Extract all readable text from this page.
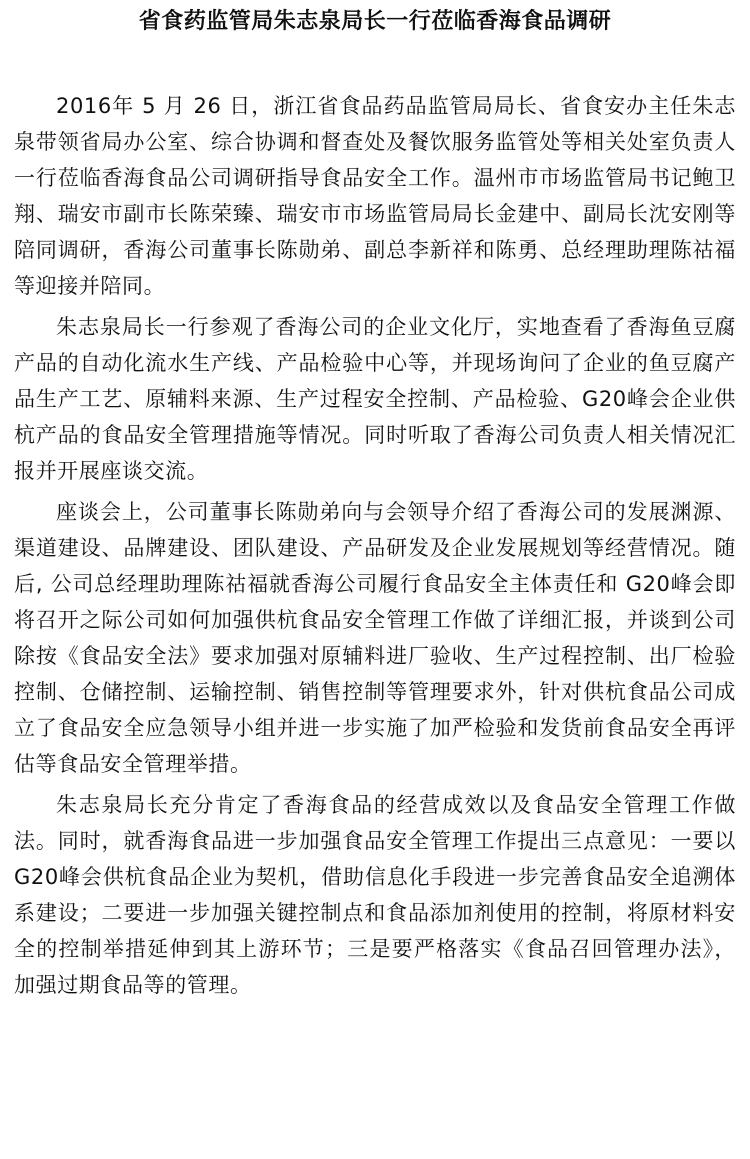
省食药监管局朱志泉局长一行莅临香海食品调研

2016年 5 月 26 日，浙江省食品药品监管局局长、省食安办主任朱志泉带领省局办公室、综合协调和督查处及餐饮服务监管处等相关处室负责人一行莅临香海食品公司调研指导食品安全工作。温州市市场监管局书记鲍卫翔、瑞安市副市长陈荣臻、瑞安市市场监管局局长金建中、副局长沈安刚等陪同调研，香海公司董事长陈勋弟、副总李新祥和陈勇、总经理助理陈祜福等迎接并陪同。

朱志泉局长一行参观了香海公司的企业文化厅，实地查看了香海鱼豆腐产品的自动化流水生产线、产品检验中心等，并现场询问了企业的鱼豆腐产品生产工艺、原辅料来源、生产过程安全控制、产品检验、G20峰会企业供杭产品的食品安全管理措施等情况。同时听取了香海公司负责人相关情况汇报并开展座谈交流。

座谈会上，公司董事长陈勋弟向与会领导介绍了香海公司的发展渊源、渠道建设、品牌建设、团队建设、产品研发及企业发展规划等经营情况。随后, 公司总经理助理陈祜福就香海公司履行食品安全主体责任和 G20峰会即将召开之际公司如何加强供杭食品安全管理工作做了详细汇报，并谈到公司除按《食品安全法》要求加强对原辅料进厂验收、生产过程控制、出厂检验控制、仓储控制、运输控制、销售控制等管理要求外，针对供杭食品公司成立了食品安全应急领导小组并进一步实施了加严检验和发货前食品安全再评估等食品安全管理举措。

朱志泉局长充分肯定了香海食品的经营成效以及食品安全管理工作做法。同时，就香海食品进一步加强食品安全管理工作提出三点意见：一要以 G20峰会供杭食品企业为契机，借助信息化手段进一步完善食品安全追溯体系建设；二要进一步加强关键控制点和食品添加剂使用的控制，将原材料安全的控制举措延伸到其上游环节；三是要严格落实《食品召回管理办法》，加强过期食品等的管理。
